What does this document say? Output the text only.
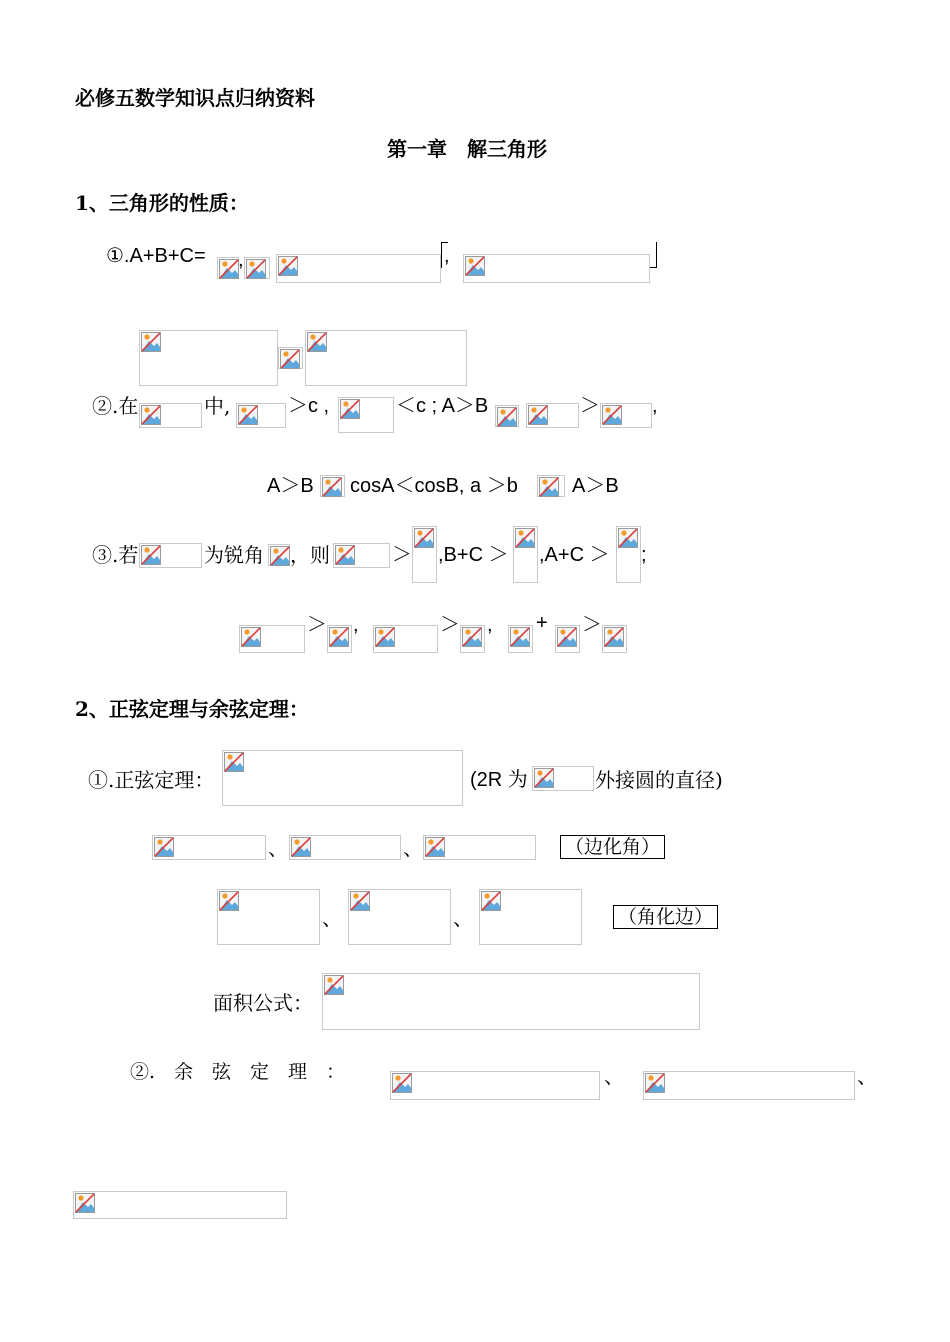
必修五数学知识点归纳资料
第一章　解三角形
1、三角形的性质：
①.A+B+C= ,	,
②.在	中,	＞c ,	＜c ; A＞B	＞	,
A＞B cosA＜cosB, a ＞b	A＞B
③.若	为锐角 ，则	＞ ,B+C ＞ ,A+C ＞ ;
＞ ,	＞ , + ＞
2、正弦定理与余弦定理：
①.正弦定理：	(2R 为	外接圆的直径)
、	、	（边化角）
、	、	（角化边）
面积公式：
②.　余　弦　定　理　：	、	、
